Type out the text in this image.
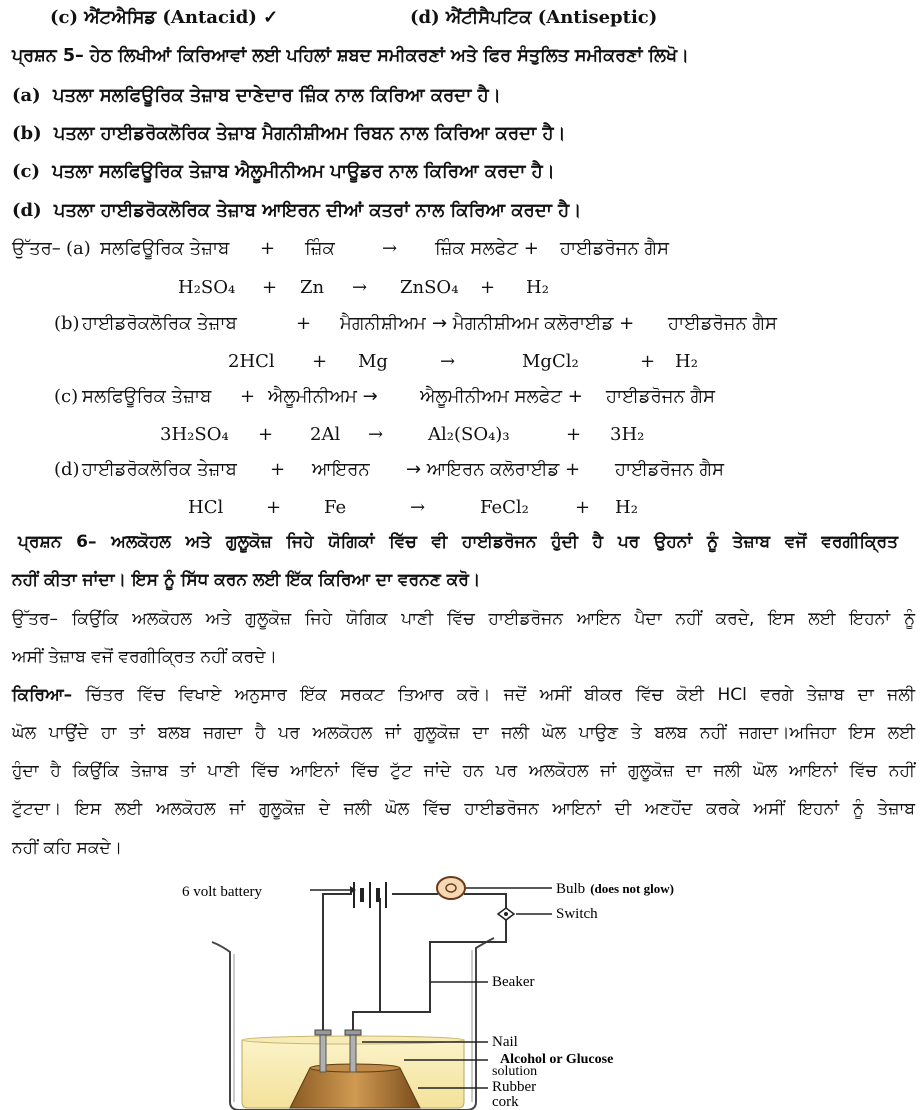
(c) ਐਂਟਐਸਿਡ (Antacid) ✓	(d) ਐਂਟੀਸੈਪਟਿਕ (Antiseptic)
ਪ੍ਰਸ਼ਨ 5– ਹੇਠ ਲਿਖੀਆਂ ਕਿਰਿਆਵਾਂ ਲਈ ਪਹਿਲਾਂ ਸ਼ਬਦ ਸਮੀਕਰਣਾਂ ਅਤੇ ਫਿਰ ਸੰਤੁਲਿਤ ਸਮੀਕਰਣਾਂ ਲਿਖੋ।
(a) ਪਤਲਾ ਸਲਫਿਊਰਿਕ ਤੇਜ਼ਾਬ ਦਾਣੇਦਾਰ ਜ਼ਿੰਕ ਨਾਲ ਕਿਰਿਆ ਕਰਦਾ ਹੈ।
(b) ਪਤਲਾ ਹਾਈਡਰੋਕਲੋਰਿਕ ਤੇਜ਼ਾਬ ਮੈਗਨੀਸ਼ੀਅਮ ਰਿਬਨ ਨਾਲ ਕਿਰਿਆ ਕਰਦਾ ਹੈ।
(c) ਪਤਲਾ ਸਲਫਿਊਰਿਕ ਤੇਜ਼ਾਬ ਐਲੂਮੀਨੀਅਮ ਪਾਊਡਰ ਨਾਲ ਕਿਰਿਆ ਕਰਦਾ ਹੈ।
(d) ਪਤਲਾ ਹਾਈਡਰੋਕਲੋਰਿਕ ਤੇਜ਼ਾਬ ਆਇਰਨ ਦੀਆਂ ਕਤਰਾਂ ਨਾਲ ਕਿਰਿਆ ਕਰਦਾ ਹੈ।
ਉੱਤਰ– (a) ਸਲਫਿਊਰਿਕ ਤੇਜ਼ਾਬ + ਜ਼ਿੰਕ	→ ਜ਼ਿੰਕ ਸਲਫੇਟ + ਹਾਈਡਰੋਜਨ ਗੈਸ
H₂SO₄ + Zn → ZnSO₄ + H₂
(b) ਹਾਈਡਰੋਕਲੋਰਿਕ ਤੇਜ਼ਾਬ	+ ਮੈਗਨੀਸ਼ੀਅਮ → ਮੈਗਨੀਸ਼ੀਅਮ ਕਲੋਰਾਈਡ + ਹਾਈਡਰੋਜਨ ਗੈਸ
2HCl + Mg	→	MgCl₂	+ H₂
(c) ਸਲਫਿਊਰਿਕ ਤੇਜ਼ਾਬ + ਐਲੂਮੀਨੀਅਮ → ਐਲੂਮੀਨੀਅਮ ਸਲਫੇਟ + ਹਾਈਡਰੋਜਨ ਗੈਸ
3H₂SO₄ + 2Al → Al₂(SO₄)₃	+ 3H₂
(d) ਹਾਈਡਰੋਕਲੋਰਿਕ ਤੇਜ਼ਾਬ + ਆਇਰਨ → ਆਇਰਨ ਕਲੋਰਾਈਡ + ਹਾਈਡਰੋਜਨ ਗੈਸ
HCl + Fe	→	FeCl₂	+ H₂
ਪ੍ਰਸ਼ਨ 6– ਅਲਕੋਹਲ ਅਤੇ ਗੁਲੂਕੋਜ਼ ਜਿਹੇ ਯੋਗਿਕਾਂ ਵਿੱਚ ਵੀ ਹਾਈਡਰੋਜਨ ਹੁੰਦੀ ਹੈ ਪਰ ਉਹਨਾਂ ਨੂੰ ਤੇਜ਼ਾਬ ਵਜੋਂ ਵਰਗੀਕ੍ਰਿਤ
ਨਹੀਂ ਕੀਤਾ ਜਾਂਦਾ। ਇਸ ਨੂੰ ਸਿੱਧ ਕਰਨ ਲਈ ਇੱਕ ਕਿਰਿਆ ਦਾ ਵਰਨਣ ਕਰੋ।
ਉੱਤਰ– ਕਿਉਂਕਿ ਅਲਕੋਹਲ ਅਤੇ ਗੁਲੂਕੋਜ਼ ਜਿਹੇ ਯੋਗਿਕ ਪਾਣੀ ਵਿੱਚ ਹਾਈਡਰੋਜਨ ਆਇਨ ਪੈਦਾ ਨਹੀਂ ਕਰਦੇ, ਇਸ ਲਈ ਇਹਨਾਂ ਨੂੰ
ਅਸੀਂ ਤੇਜ਼ਾਬ ਵਜੋਂ ਵਰਗੀਕ੍ਰਿਤ ਨਹੀਂ ਕਰਦੇ।
ਕਿਰਿਆ– ਚਿੱਤਰ ਵਿੱਚ ਵਿਖਾਏ ਅਨੁਸਾਰ ਇੱਕ ਸਰਕਟ ਤਿਆਰ ਕਰੋ। ਜਦੋਂ ਅਸੀਂ ਬੀਕਰ ਵਿੱਚ ਕੋਈ HCl ਵਰਗੇ ਤੇਜ਼ਾਬ ਦਾ ਜਲੀ
ਘੋਲ ਪਾਉਂਦੇ ਹਾ ਤਾਂ ਬਲਬ ਜਗਦਾ ਹੈ ਪਰ ਅਲਕੋਹਲ ਜਾਂ ਗੁਲੂਕੋਜ਼ ਦਾ ਜਲੀ ਘੋਲ ਪਾਉਣ ਤੇ ਬਲਬ ਨਹੀਂ ਜਗਦਾ।ਅਜਿਹਾ ਇਸ ਲਈ
ਹੁੰਦਾ ਹੈ ਕਿਉਂਕਿ ਤੇਜ਼ਾਬ ਤਾਂ ਪਾਣੀ ਵਿੱਚ ਆਇਨਾਂ ਵਿੱਚ ਟੁੱਟ ਜਾਂਦੇ ਹਨ ਪਰ ਅਲਕੋਹਲ ਜਾਂ ਗੁਲੂਕੋਜ਼ ਦਾ ਜਲੀ ਘੋਲ ਆਇਨਾਂ ਵਿੱਚ ਨਹੀਂ
ਟੁੱਟਦਾ। ਇਸ ਲਈ ਅਲਕੋਹਲ ਜਾਂ ਗੁਲੂਕੋਜ਼ ਦੇ ਜਲੀ ਘੋਲ ਵਿੱਚ ਹਾਈਡਰੋਜਨ ਆਇਨਾਂ ਦੀ ਅਣਹੋਂਦ ਕਰਕੇ ਅਸੀਂ ਇਹਨਾਂ ਨੂੰ ਤੇਜ਼ਾਬ
ਨਹੀਂ ਕਹਿ ਸਕਦੇ।
6 volt battery	Bulb (does not glow)
Switch
Beaker
Nail
Alcohol or Glucose
solution
Rubber
cork
